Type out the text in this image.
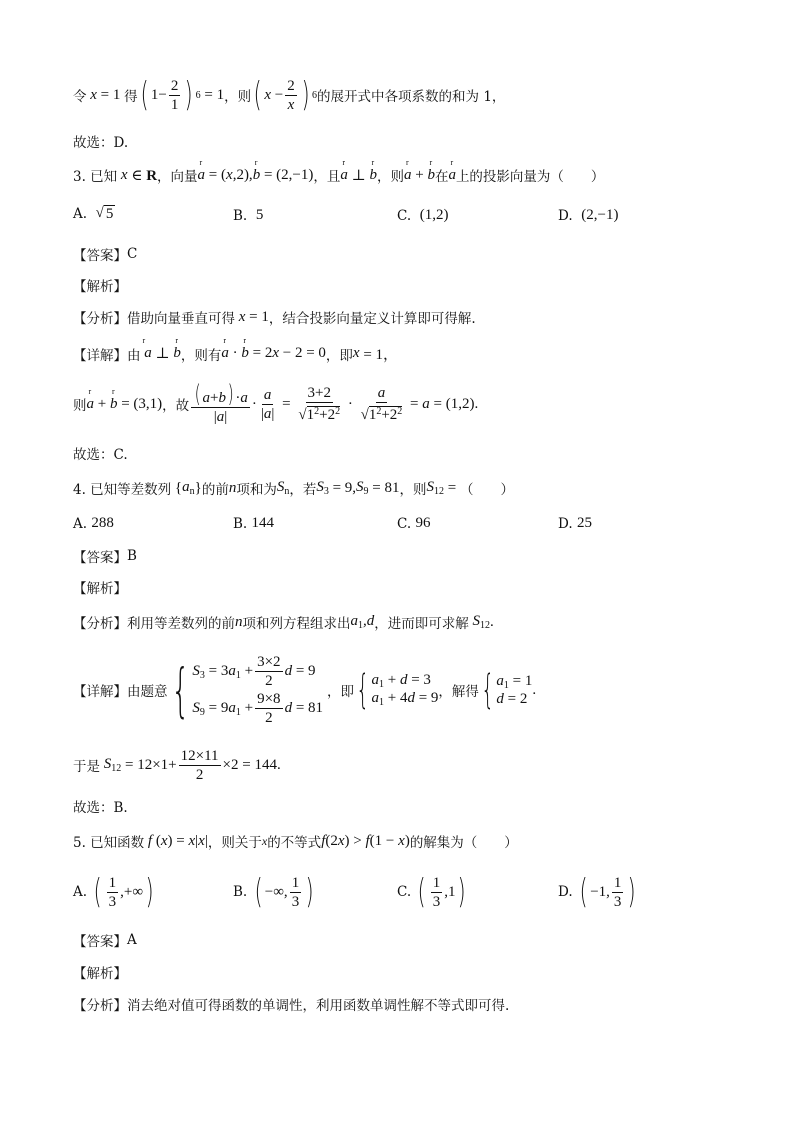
令 x = 1 得 ( $1- \frac{2}{1}$ ) 6 = 1 ，则 ( $x - \frac{2}{x}$ ) 6 的展开式中各项系数的和为 1，
故选：D.
3. 已知 x ∈ R ，向量 r a = ( x ,2), r b = (2,−1) ，且 r a ⊥ r b ，则 r a + r b 在 r a 上的投影向量为（　　）
A.
√ 5	B.
5	C.
(1,2)	D.
(2,−1)
【答案】 C
【解析】
【分析】 借助向量垂直可得 x = 1 ，结合投影向量定义计算即可得解.
【详解】 由 r  a ⊥ r b ，则有 r a · r b = 2 x − 2 = 0 ，即 x = 1，
则 r a + r b = (3,1) ，故 $\frac{( a+b) \cdot a}{|a|} \cdot \frac{a}{|a|} = \frac{3+2}{√1^2+2^2} \cdot \frac{a}{√1^2+2^2} = a = (1,2)$.
故选：C.
4. 已知等差数列 { $a_n$ } 的前 n 项和为 $S_n$ ，若 $S_3 = 9$, $S_9 = 81$ ，则 $S_{12}$ = （　　）
A.
288	B.
144	C.
96	D.
25
【答案】 B
【解析】
【分析】 利用等差数列的前 n 项和列方程组求出 $a_1,d$ ，进而即可求解 $S_{12}$ .
【详解】 由题意 { $S_3 = 3$ $a_1 + \frac{3\times 2}{2}$ d = 9
$S_9 = 9$ $a_1 + \frac{9\times 8}{2}$ d = 81
，即 { $a_1 + d = 3$
$a_1 + 4d = 9$ ，解得 { $a_1 = 1$
d = 2
.
于是 $S_{12} = 12\times 1+ \frac{12\times 11}{2} \times 2 = 144$.
故选：B.
5. 已知函数 f ( x ) = x | x | ，则关于 x 的不等式 f (2 x ) > f (1 − x ) 的解集为（　　）
A.
( $\frac{1}{3}$ ,+∞ )	B.
( −∞, $\frac{1}{3}$ )	C.
( $\frac{1}{3} ,1$ )	D.
( −1, $\frac{1}{3}$ )
【答案】 A
【解析】
【分析】 消去绝对值可得函数的单调性，利用函数单调性解不等式即可得.
